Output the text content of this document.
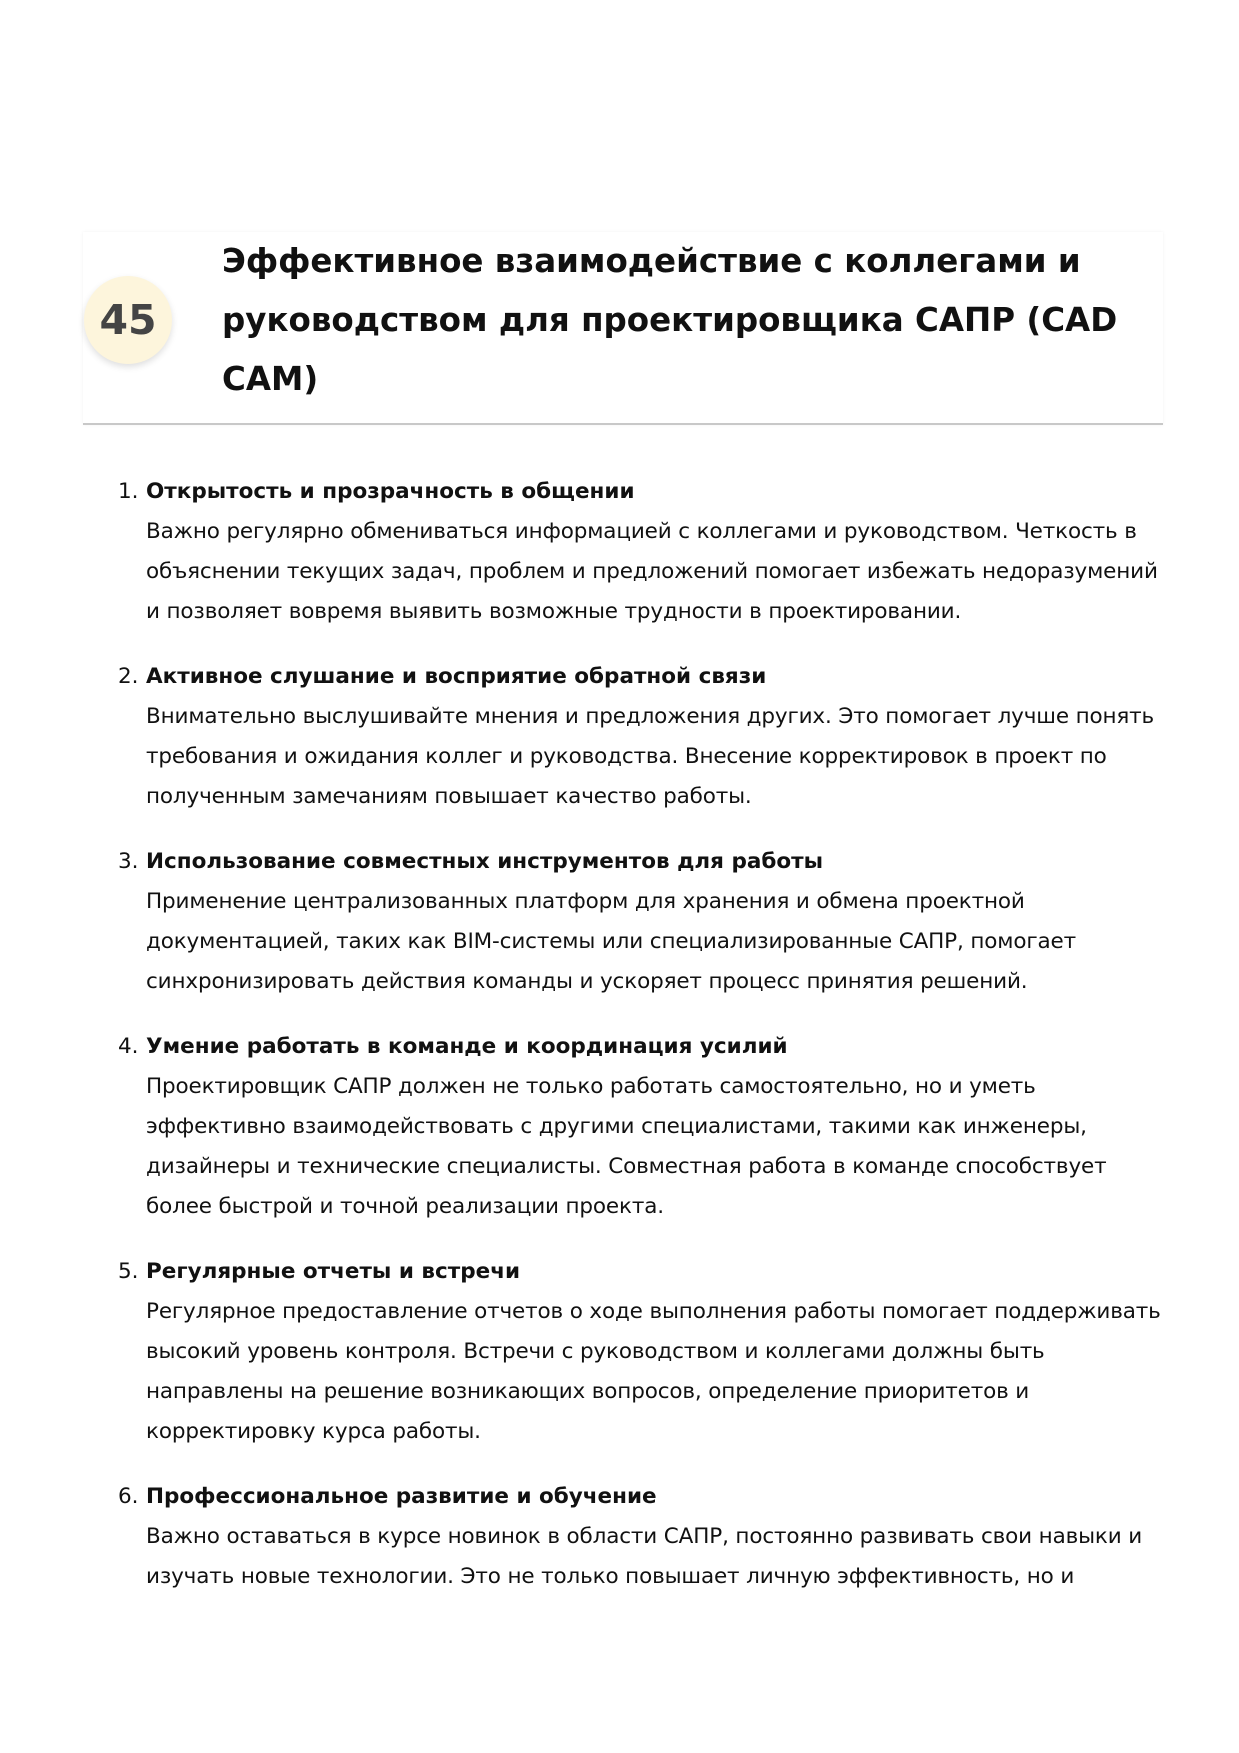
45
Эффективное взаимодействие с коллегами и руководством для проектировщика САПР (CAD CAM)
1. Открытость и прозрачность в общении
Важно регулярно обмениваться информацией с коллегами и руководством. Четкость в объяснении текущих задач, проблем и предложений помогает избежать недоразумений и позволяет вовремя выявить возможные трудности в проектировании.
2. Активное слушание и восприятие обратной связи
Внимательно выслушивайте мнения и предложения других. Это помогает лучше понять требования и ожидания коллег и руководства. Внесение корректировок в проект по полученным замечаниям повышает качество работы.
3. Использование совместных инструментов для работы
Применение централизованных платформ для хранения и обмена проектной документацией, таких как BIM-системы или специализированные САПР, помогает синхронизировать действия команды и ускоряет процесс принятия решений.
4. Умение работать в команде и координация усилий
Проектировщик САПР должен не только работать самостоятельно, но и уметь эффективно взаимодействовать с другими специалистами, такими как инженеры, дизайнеры и технические специалисты. Совместная работа в команде способствует более быстрой и точной реализации проекта.
5. Регулярные отчеты и встречи
Регулярное предоставление отчетов о ходе выполнения работы помогает поддерживать высокий уровень контроля. Встречи с руководством и коллегами должны быть направлены на решение возникающих вопросов, определение приоритетов и корректировку курса работы.
6. Профессиональное развитие и обучение
Важно оставаться в курсе новинок в области САПР, постоянно развивать свои навыки и изучать новые технологии. Это не только повышает личную эффективность, но и
